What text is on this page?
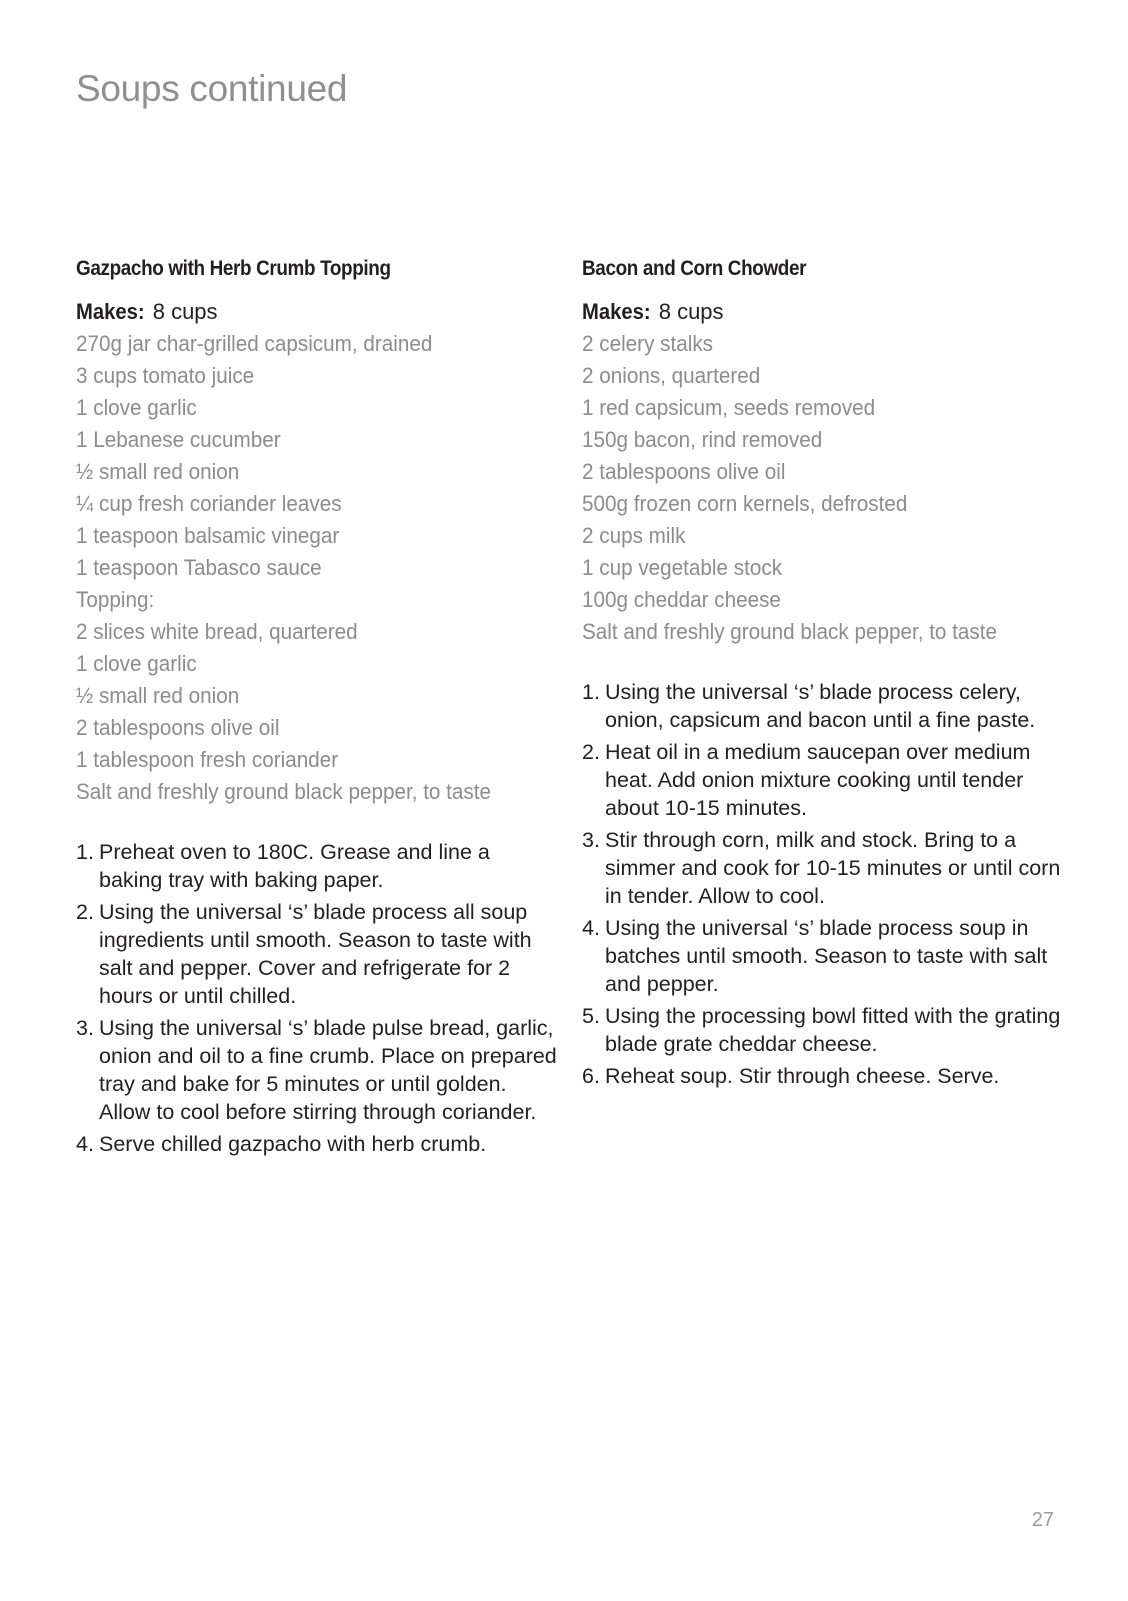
Soups continued
Gazpacho with Herb Crumb Topping
Makes: 8 cups
270g jar char-grilled capsicum, drained
3 cups tomato juice
1 clove garlic
1 Lebanese cucumber
½ small red onion
¼ cup fresh coriander leaves
1 teaspoon balsamic vinegar
1 teaspoon Tabasco sauce
Topping:
2 slices white bread, quartered
1 clove garlic
½ small red onion
2 tablespoons olive oil
1 tablespoon fresh coriander
Salt and freshly ground black pepper, to taste
1. Preheat oven to 180C. Grease and line a baking tray with baking paper.
2. Using the universal ‘s’ blade process all soup ingredients until smooth. Season to taste with salt and pepper. Cover and refrigerate for 2 hours or until chilled.
3. Using the universal ‘s’ blade pulse bread, garlic, onion and oil to a fine crumb. Place on prepared tray and bake for 5 minutes or until golden. Allow to cool before stirring through coriander.
4. Serve chilled gazpacho with herb crumb.
Bacon and Corn Chowder
Makes: 8 cups
2 celery stalks
2 onions, quartered
1 red capsicum, seeds removed
150g bacon, rind removed
2 tablespoons olive oil
500g frozen corn kernels, defrosted
2 cups milk
1 cup vegetable stock
100g cheddar cheese
Salt and freshly ground black pepper, to taste
1. Using the universal ‘s’ blade process celery, onion, capsicum and bacon until a fine paste.
2. Heat oil in a medium saucepan over medium heat. Add onion mixture cooking until tender about 10-15 minutes.
3. Stir through corn, milk and stock. Bring to a simmer and cook for 10-15 minutes or until corn in tender. Allow to cool.
4. Using the universal ‘s’ blade process soup in batches until smooth. Season to taste with salt and pepper.
5. Using the processing bowl fitted with the grating blade grate cheddar cheese.
6. Reheat soup. Stir through cheese. Serve.
27
